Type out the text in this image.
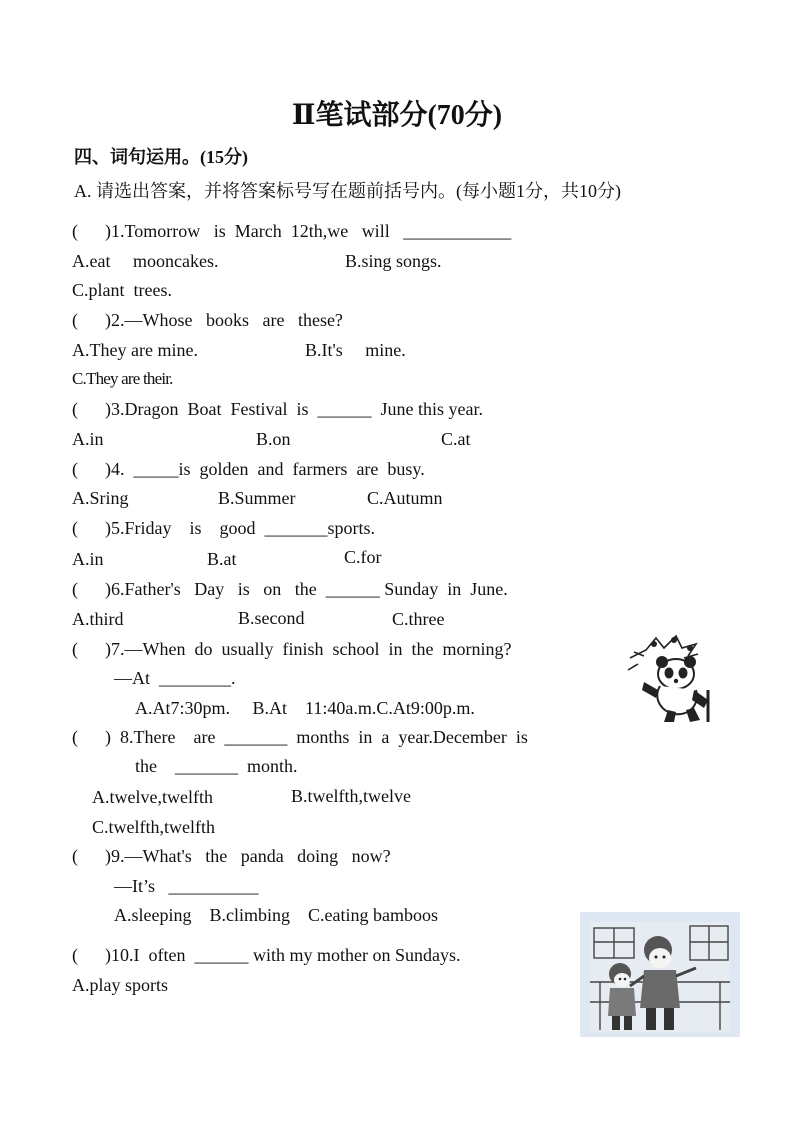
Ⅱ笔试部分(70分)
四、词句运用。(15分)
A. 请选出答案，并将答案标号写在题前括号内。(每小题1分，共10分)
(      )1.Tomorrow   is  March  12th,we   will   ____________
A.eat     mooncakes.	B.sing songs.
C.plant  trees.
(      )2.—Whose   books   are   these?
A.They are mine.	B.It's     mine.
C.They are their.
(      )3.Dragon  Boat  Festival  is  ______  June this year.
A.in	B.on	C.at
(      )4.  _____is  golden  and  farmers  are  busy.
A.Sring	B.Summer	C.Autumn
(      )5.Friday    is    good  _______sports.
A.in	B.at	C.for
(      )6.Father's   Day   is   on   the  ______ Sunday  in  June.
A.third	B.second	C.three
(      )7.—When  do  usually  finish  school  in  the  morning?
—At  ________.
A.At7:30pm.     B.At    11:40a.m.C.At9:00p.m.
(      )  8.There    are  _______  months  in  a  year.December  is
the    _______  month.
A.twelve,twelfth	B.twelfth,twelve
C.twelfth,twelfth
(      )9.—What's   the   panda   doing   now?
—It’s   __________
A.sleeping    B.climbing    C.eating bamboos
(      )10.I  often  ______ with my mother on Sundays.
A.play sports
